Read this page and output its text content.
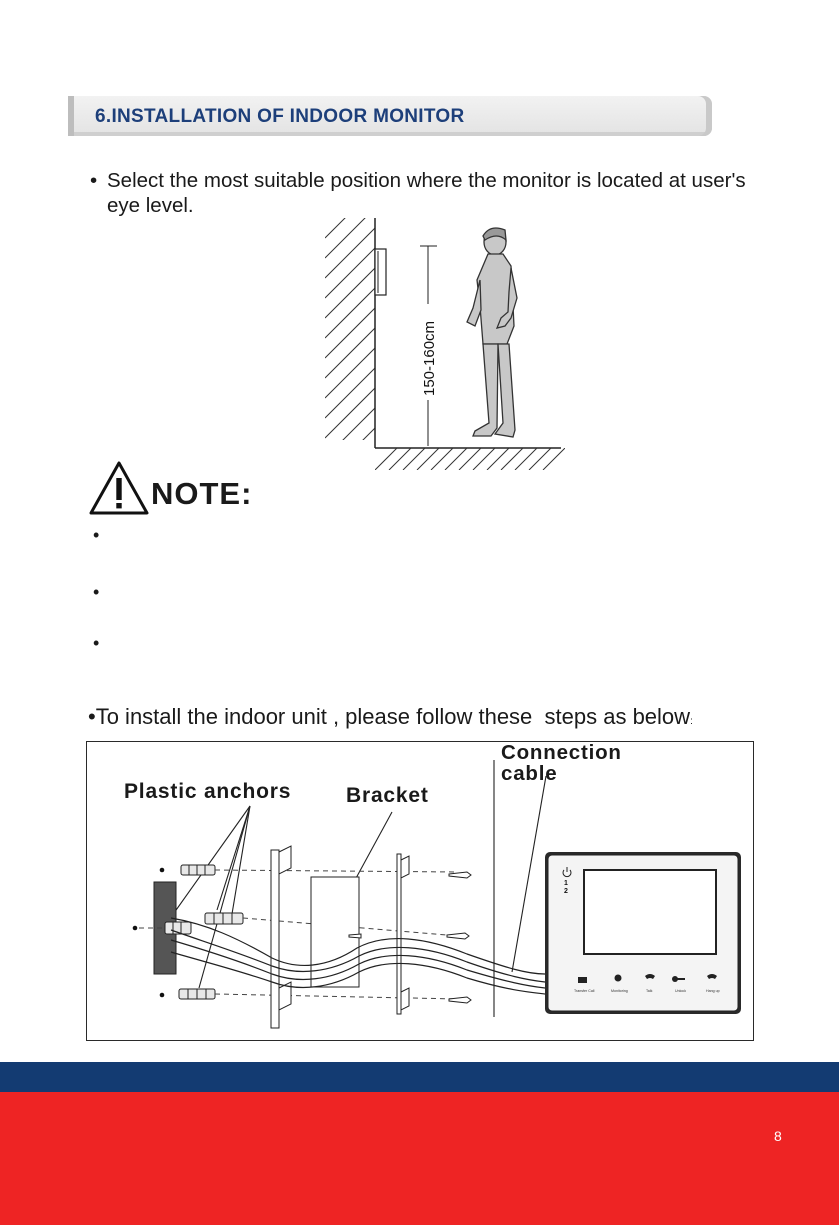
6.INSTALLATION OF INDOOR MONITOR
• Select the most suitable position where the monitor is located at user's eye level.
150-160cm
NOTE:
•
•
•
•To install the indoor unit , please follow these steps as below:
Plastic anchors	Bracket
Connection cable
1
2
Transfer Call	Monitoring	Talk	Unlock	Hang up
8
